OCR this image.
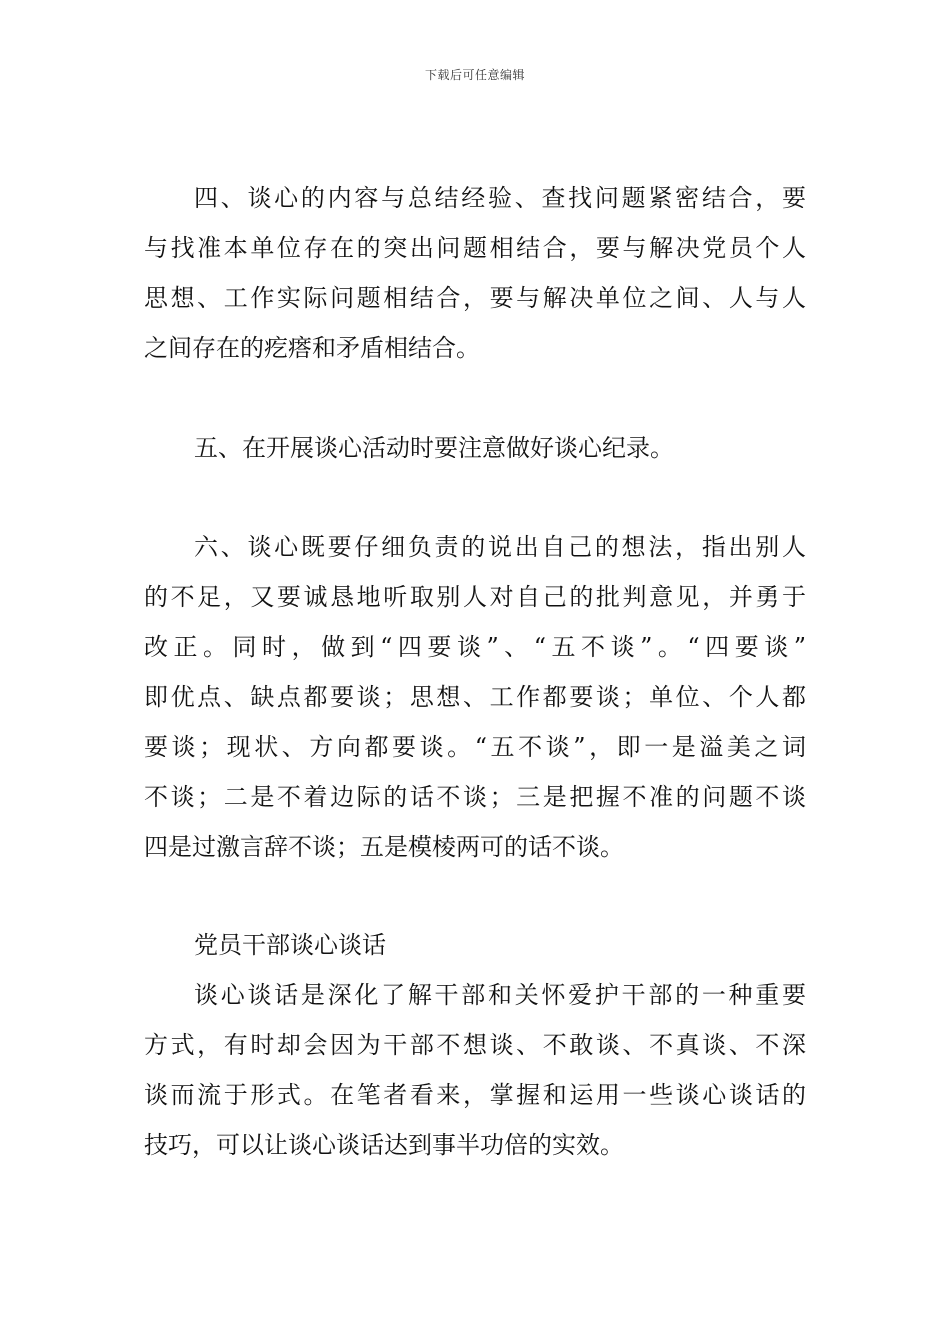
下载后可任意编辑
四、谈心的内容与总结经验、查找问题紧密结合，要
与找准本单位存在的突出问题相结合，要与解决党员个人
思想、工作实际问题相结合，要与解决单位之间、人与人
之间存在的疙瘩和矛盾相结合。
五、在开展谈心活动时要注意做好谈心纪录。
六、谈心既要仔细负责的说出自己的想法，指出别人
的不足，又要诚恳地听取别人对自己的批判意见，并勇于
改正。同时，做到“四要谈”、“五不谈”。“四要谈”
即优点、缺点都要谈；思想、工作都要谈；单位、个人都
要谈；现状、方向都要谈。“五不谈”，即一是溢美之词
不谈；二是不着边际的话不谈；三是把握不准的问题不谈
四是过激言辞不谈；五是模棱两可的话不谈。
党员干部谈心谈话
谈心谈话是深化了解干部和关怀爱护干部的一种重要
方式，有时却会因为干部不想谈、不敢谈、不真谈、不深
谈而流于形式。在笔者看来，掌握和运用一些谈心谈话的
技巧，可以让谈心谈话达到事半功倍的实效。
